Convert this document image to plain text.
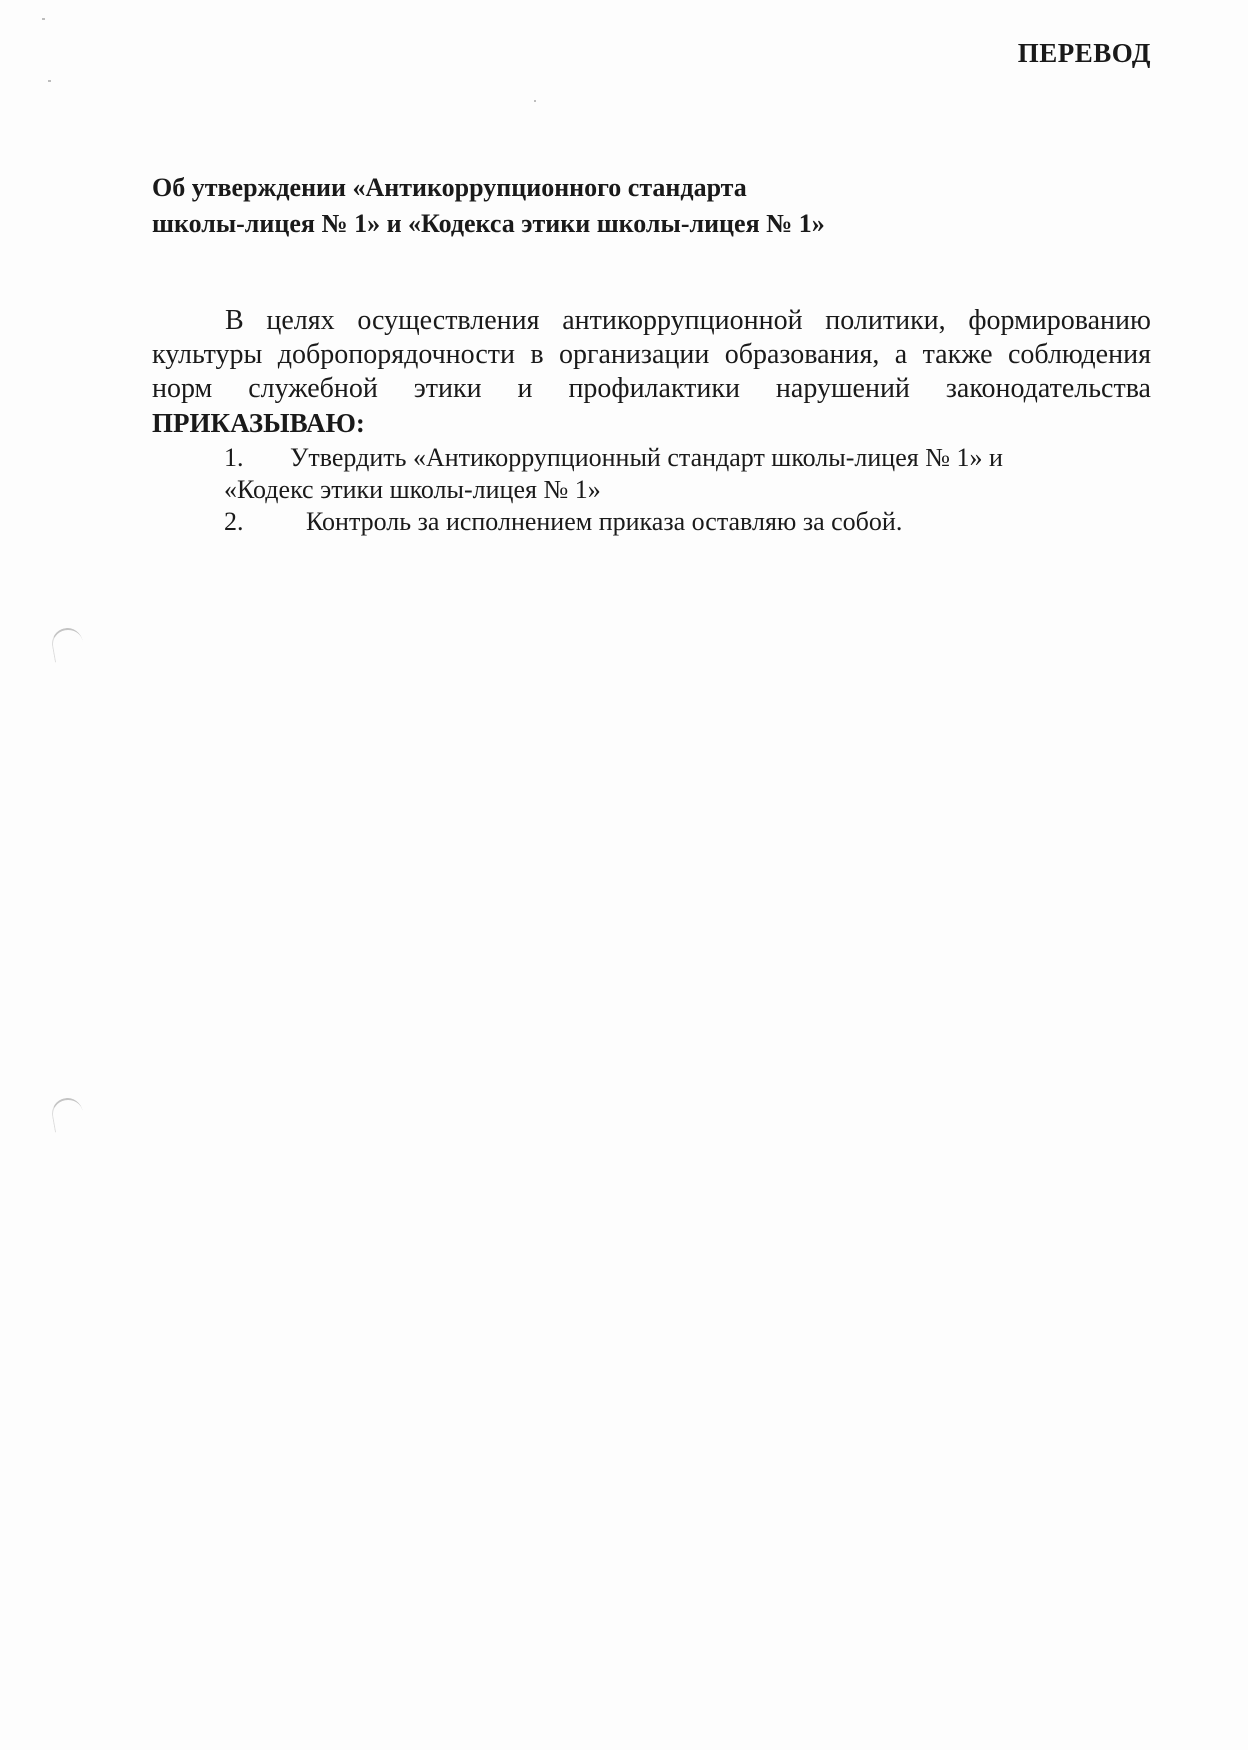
ПЕРЕВОД
Об утверждении «Антикоррупционного стандарта
школы-лицея № 1» и «Кодекса этики школы-лицея № 1»
В целях осуществления антикоррупционной политики, формированию
культуры добропорядочности в организации образования, а также соблюдения
норм служебной этики и профилактики нарушений законодательства
ПРИКАЗЫВАЮ:
1.	Утвердить «Антикоррупционный стандарт школы-лицея № 1» и
«Кодекс этики школы-лицея № 1»
2.	Контроль за исполнением приказа оставляю за собой.
